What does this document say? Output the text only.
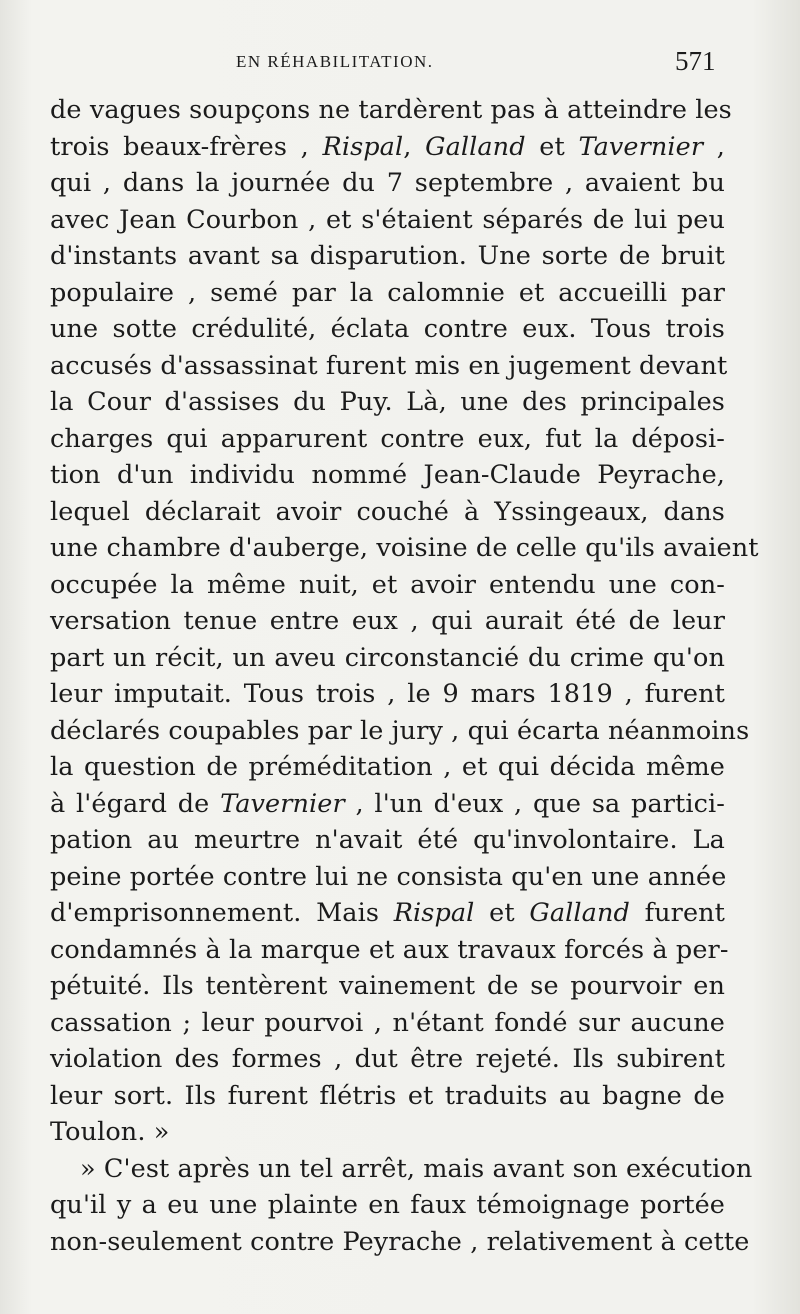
EN RÉHABILITATION.	571
de vagues soupçons ne tardèrent pas à atteindre les
trois beaux-frères , Rispal, Galland et Tavernier ,
qui , dans la journée du 7 septembre , avaient bu
avec Jean Courbon , et s'étaient séparés de lui peu
d'instants avant sa disparution. Une sorte de bruit
populaire , semé par la calomnie et accueilli par
une sotte crédulité, éclata contre eux. Tous trois
accusés d'assassinat furent mis en jugement devant
la Cour d'assises du Puy. Là, une des principales
charges qui apparurent contre eux, fut la déposi-
tion d'un individu nommé Jean-Claude Peyrache,
lequel déclarait avoir couché à Yssingeaux, dans
une chambre d'auberge, voisine de celle qu'ils avaient
occupée la même nuit, et avoir entendu une con-
versation tenue entre eux , qui aurait été de leur
part un récit, un aveu circonstancié du crime qu'on
leur imputait. Tous trois , le 9 mars 1819 , furent
déclarés coupables par le jury , qui écarta néanmoins
la question de préméditation , et qui décida même
à l'égard de Tavernier , l'un d'eux , que sa partici-
pation au meurtre n'avait été qu'involontaire. La
peine portée contre lui ne consista qu'en une année
d'emprisonnement. Mais Rispal et Galland furent
condamnés à la marque et aux travaux forcés à per-
pétuité. Ils tentèrent vainement de se pourvoir en
cassation ; leur pourvoi , n'étant fondé sur aucune
violation des formes , dut être rejeté. Ils subirent
leur sort. Ils furent flétris et traduits au bagne de
Toulon. »
» C'est après un tel arrêt, mais avant son exécution
qu'il y a eu une plainte en faux témoignage portée
non-seulement contre Peyrache , relativement à cette
